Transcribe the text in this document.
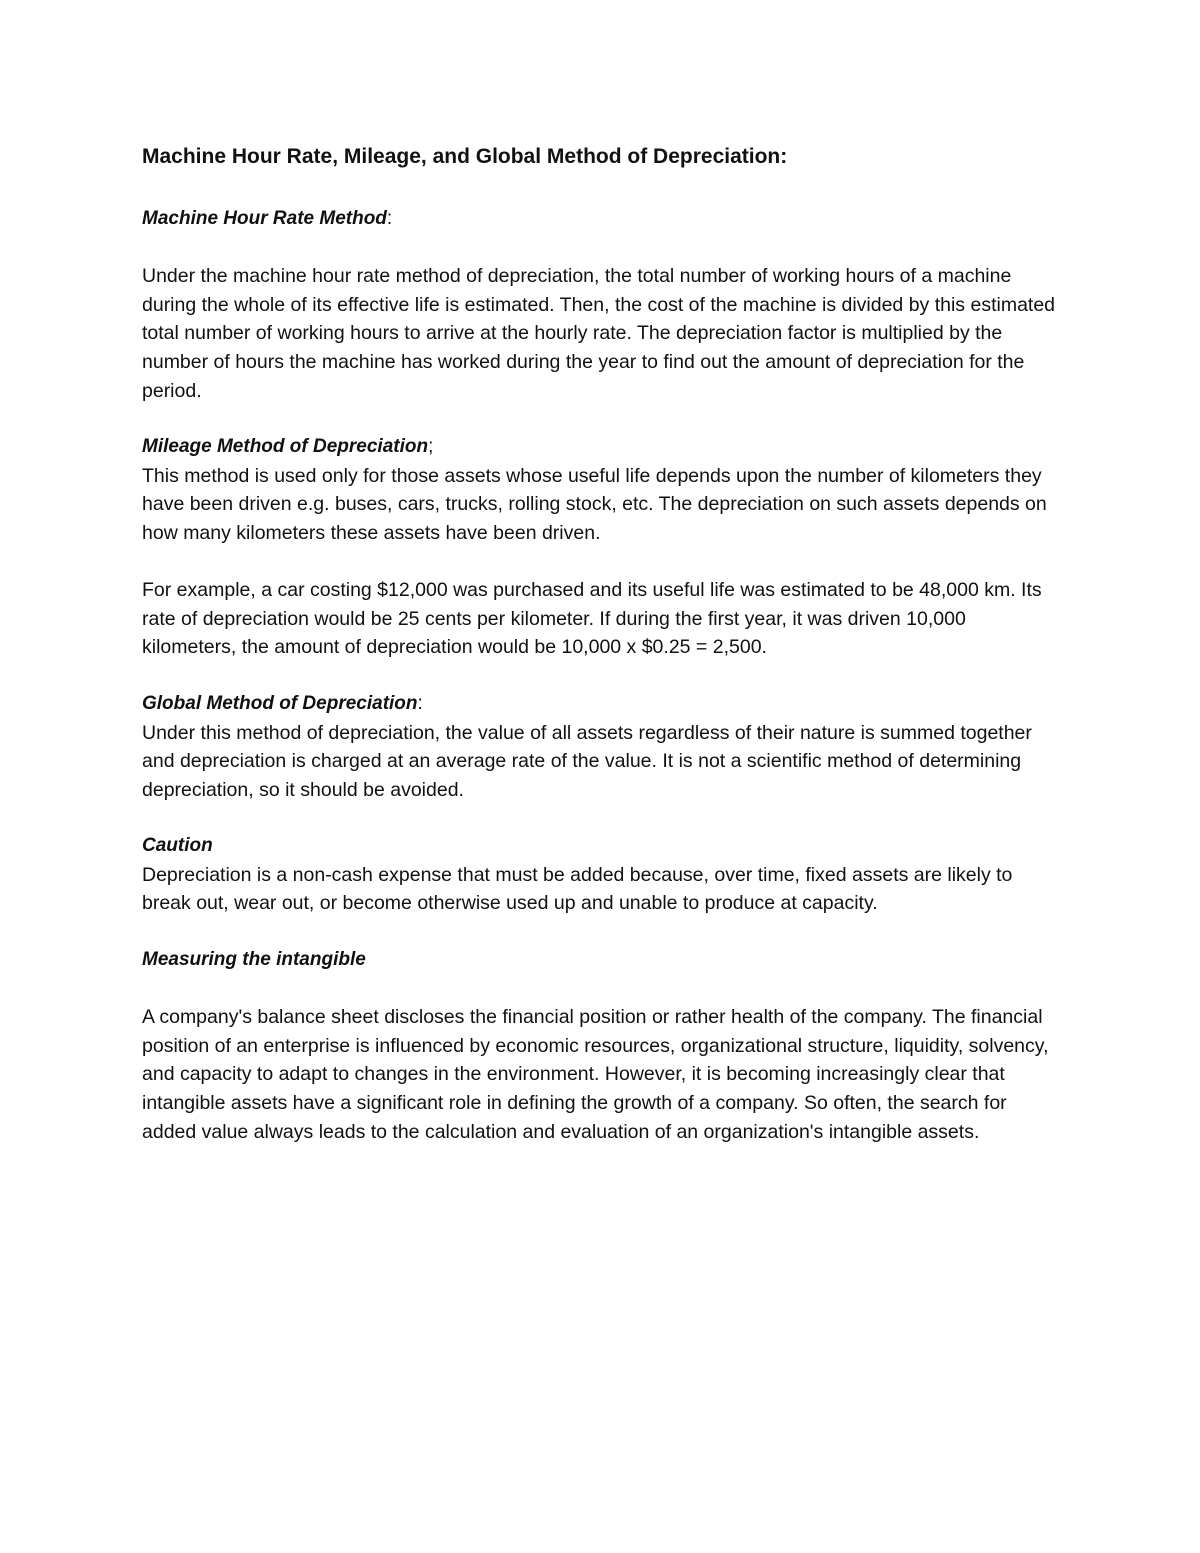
Machine Hour Rate, Mileage, and Global Method of Depreciation:

Machine Hour Rate Method:

Under the machine hour rate method of depreciation, the total number of working hours of a machine during the whole of its effective life is estimated. Then, the cost of the machine is divided by this estimated total number of working hours to arrive at the hourly rate. The depreciation factor is multiplied by the number of hours the machine has worked during the year to find out the amount of depreciation for the period.

Mileage Method of Depreciation;

This method is used only for those assets whose useful life depends upon the number of kilometers they have been driven e.g. buses, cars, trucks, rolling stock, etc. The depreciation on such assets depends on how many kilometers these assets have been driven.

For example, a car costing $12,000 was purchased and its useful life was estimated to be 48,000 km. Its rate of depreciation would be 25 cents per kilometer. If during the first year, it was driven 10,000 kilometers, the amount of depreciation would be 10,000 x $0.25 = 2,500.

Global Method of Depreciation:

Under this method of depreciation, the value of all assets regardless of their nature is summed together and depreciation is charged at an average rate of the value. It is not a scientific method of determining depreciation, so it should be avoided.

Caution

Depreciation is a non-cash expense that must be added because, over time, fixed assets are likely to break out, wear out, or become otherwise used up and unable to produce at capacity.

Measuring the intangible

A company's balance sheet discloses the financial position or rather health of the company. The financial position of an enterprise is influenced by economic resources, organizational structure, liquidity, solvency, and capacity to adapt to changes in the environment. However, it is becoming increasingly clear that intangible assets have a significant role in defining the growth of a company. So often, the search for added value always leads to the calculation and evaluation of an organization's intangible assets.
